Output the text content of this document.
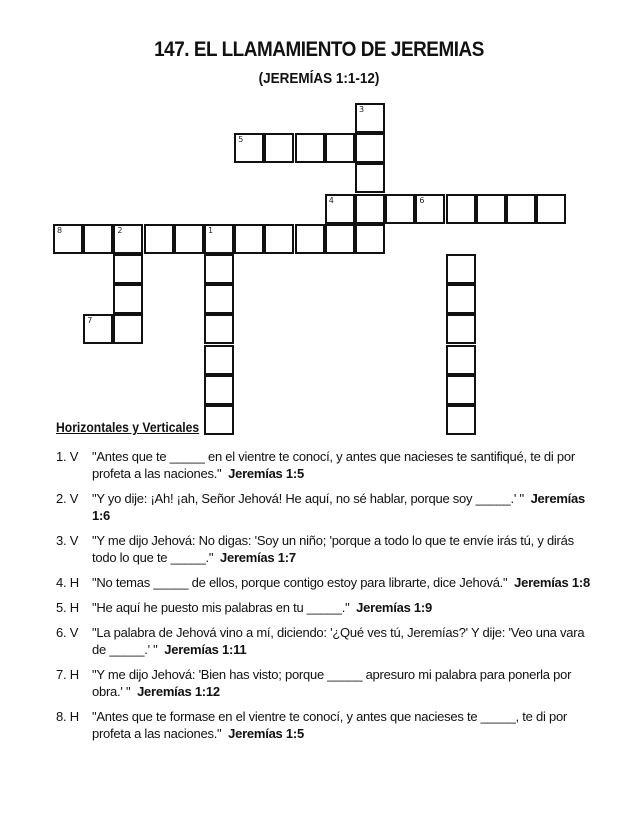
147. EL LLAMAMIENTO DE JEREMIAS
(JEREMÍAS 1:1-12)
3
5
4	6
8	2	1
7
Horizontales y Verticales
1. V	"Antes que te _____ en el vientre te conocí, y antes que nacieses te santifiqué, te di por profeta a las naciones." Jeremías 1:5
2. V	"Y yo dije: ¡Ah! ¡ah, Señor Jehová! He aquí, no sé hablar, porque soy _____.' " Jeremías 1:6
3. V	"Y me dijo Jehová: No digas: 'Soy un niño; 'porque a todo lo que te envíe irás tú, y dirás todo lo que te _____." Jeremías 1:7
4. H	"No temas _____ de ellos, porque contigo estoy para librarte, dice Jehová." Jeremías 1:8
5. H	"He aquí he puesto mis palabras en tu _____." Jeremías 1:9
6. V	"La palabra de Jehová vino a mí, diciendo: '¿Qué ves tú, Jeremías?' Y dije: 'Veo una vara de _____.' " Jeremías 1:11
7. H	"Y me dijo Jehová: 'Bien has visto; porque _____ apresuro mi palabra para ponerla por obra.' " Jeremías 1:12
8. H	"Antes que te formase en el vientre te conocí, y antes que nacieses te _____, te di por profeta a las naciones." Jeremías 1:5
